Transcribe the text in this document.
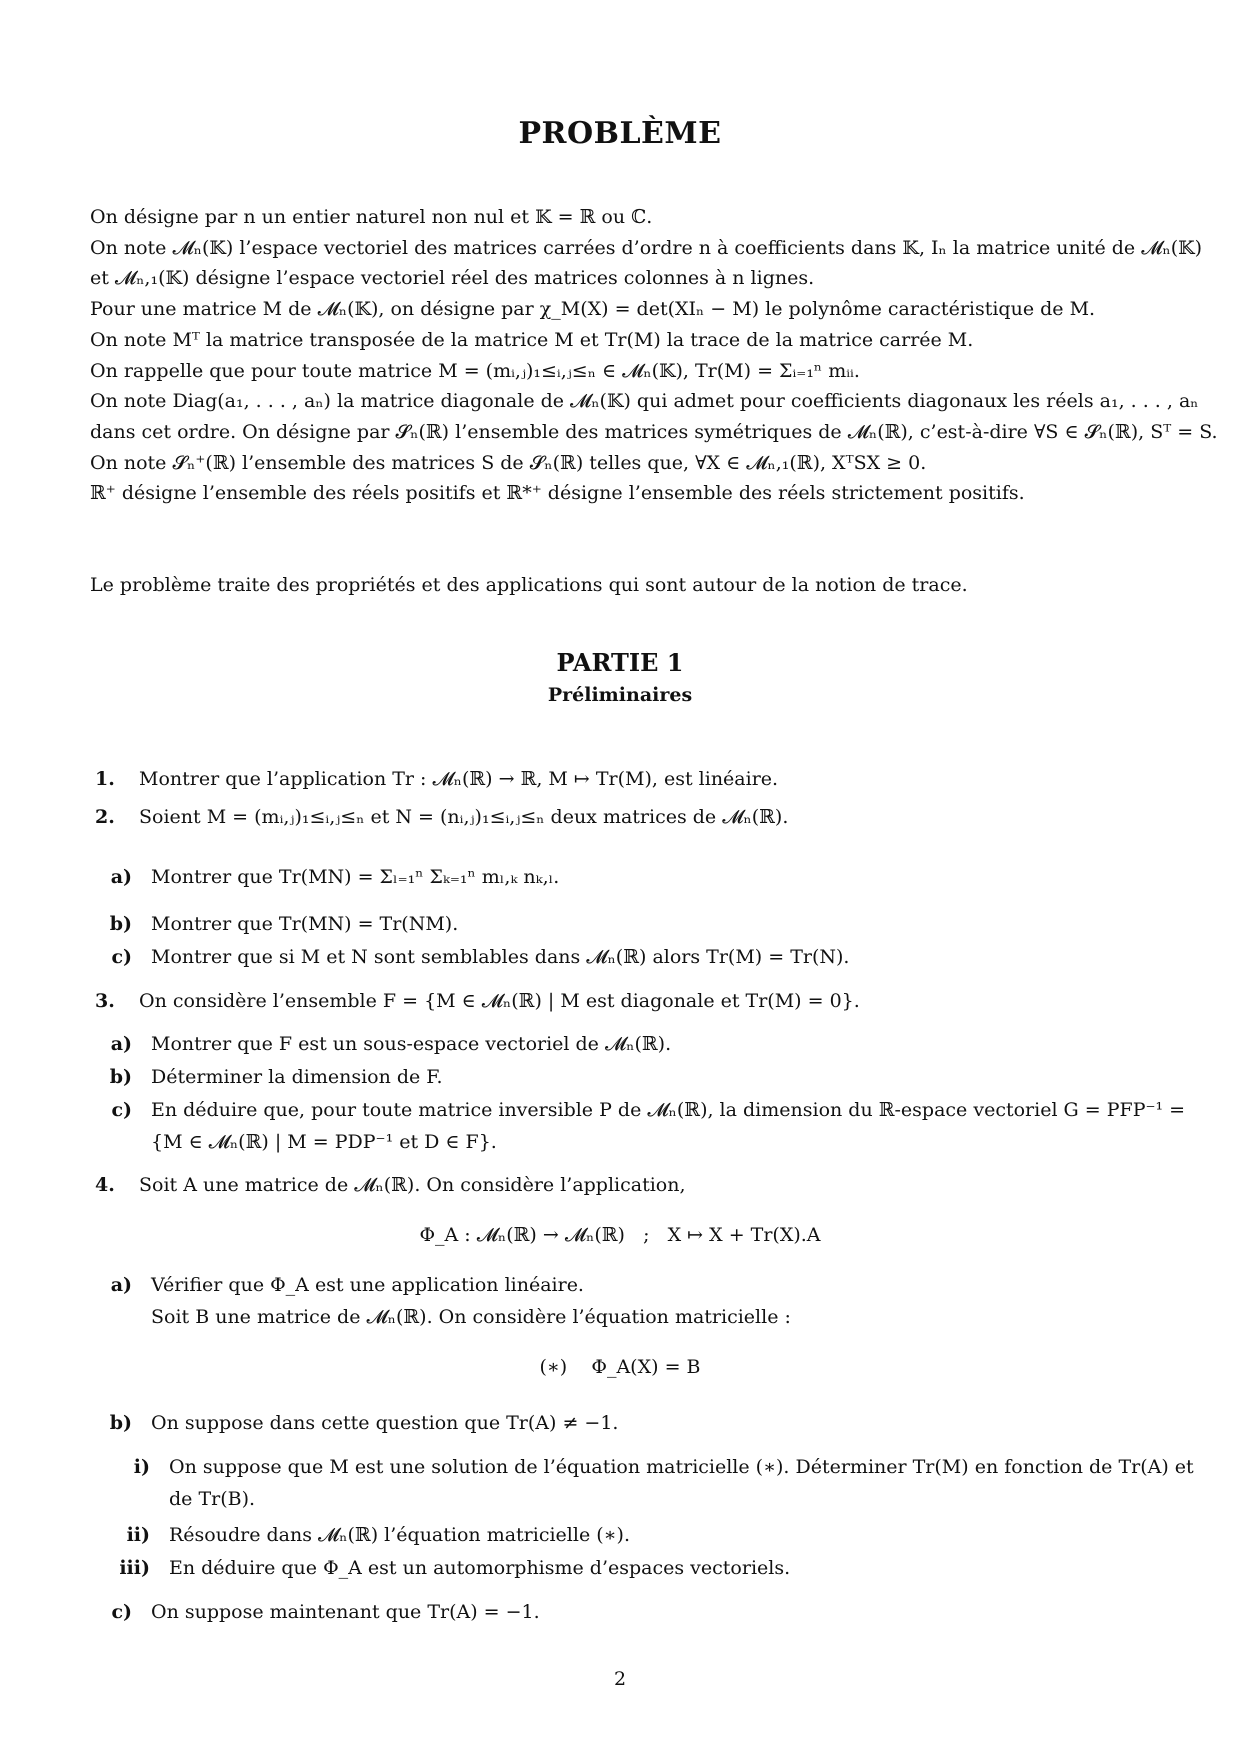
PROBLÈME
On désigne par n un entier naturel non nul et 𝕂 = ℝ ou ℂ.
On note 𝓜ₙ(𝕂) l’espace vectoriel des matrices carrées d’ordre n à coefficients dans 𝕂, Iₙ la matrice unité de 𝓜ₙ(𝕂)
et 𝓜ₙ,₁(𝕂) désigne l’espace vectoriel réel des matrices colonnes à n lignes.
Pour une matrice M de 𝓜ₙ(𝕂), on désigne par χ_M(X) = det(XIₙ − M) le polynôme caractéristique de M.
On note Mᵀ la matrice transposée de la matrice M et Tr(M) la trace de la matrice carrée M.
On rappelle que pour toute matrice M = (mᵢ,ⱼ)₁≤ᵢ,ⱼ≤ₙ ∈ 𝓜ₙ(𝕂), Tr(M) = Σᵢ₌₁ⁿ mᵢᵢ.
On note Diag(a₁, . . . , aₙ) la matrice diagonale de 𝓜ₙ(𝕂) qui admet pour coefficients diagonaux les réels a₁, . . . , aₙ
dans cet ordre. On désigne par 𝓢ₙ(ℝ) l’ensemble des matrices symétriques de 𝓜ₙ(ℝ), c’est-à-dire ∀S ∈ 𝓢ₙ(ℝ), Sᵀ = S.
On note 𝓢ₙ⁺(ℝ) l’ensemble des matrices S de 𝓢ₙ(ℝ) telles que, ∀X ∈ 𝓜ₙ,₁(ℝ), XᵀSX ≥ 0.
ℝ⁺ désigne l’ensemble des réels positifs et ℝ*⁺ désigne l’ensemble des réels strictement positifs.
Le problème traite des propriétés et des applications qui sont autour de la notion de trace.
PARTIE 1
Préliminaires
1. Montrer que l’application Tr : 𝓜ₙ(ℝ) → ℝ, M ↦ Tr(M), est linéaire.
2. Soient M = (mᵢ,ⱼ)₁≤ᵢ,ⱼ≤ₙ et N = (nᵢ,ⱼ)₁≤ᵢ,ⱼ≤ₙ deux matrices de 𝓜ₙ(ℝ).
a) Montrer que Tr(MN) = Σₗ₌₁ⁿ Σₖ₌₁ⁿ mₗ,ₖ nₖ,ₗ.
b) Montrer que Tr(MN) = Tr(NM).
c) Montrer que si M et N sont semblables dans 𝓜ₙ(ℝ) alors Tr(M) = Tr(N).
3. On considère l’ensemble F = {M ∈ 𝓜ₙ(ℝ) | M est diagonale et Tr(M) = 0}.
a) Montrer que F est un sous-espace vectoriel de 𝓜ₙ(ℝ).
b) Déterminer la dimension de F.
c) En déduire que, pour toute matrice inversible P de 𝓜ₙ(ℝ), la dimension du ℝ-espace vectoriel G = PFP⁻¹ =
{M ∈ 𝓜ₙ(ℝ) | M = PDP⁻¹ et D ∈ F}.
4. Soit A une matrice de 𝓜ₙ(ℝ). On considère l’application,
Φ_A : 𝓜ₙ(ℝ) → 𝓜ₙ(ℝ)   ;   X ↦ X + Tr(X).A
a) Vérifier que Φ_A est une application linéaire.
Soit B une matrice de 𝓜ₙ(ℝ). On considère l’équation matricielle :
(∗)    Φ_A(X) = B
b) On suppose dans cette question que Tr(A) ≠ −1.
i) On suppose que M est une solution de l’équation matricielle (∗). Déterminer Tr(M) en fonction de Tr(A) et
de Tr(B).
ii) Résoudre dans 𝓜ₙ(ℝ) l’équation matricielle (∗).
iii) En déduire que Φ_A est un automorphisme d’espaces vectoriels.
c) On suppose maintenant que Tr(A) = −1.
2
